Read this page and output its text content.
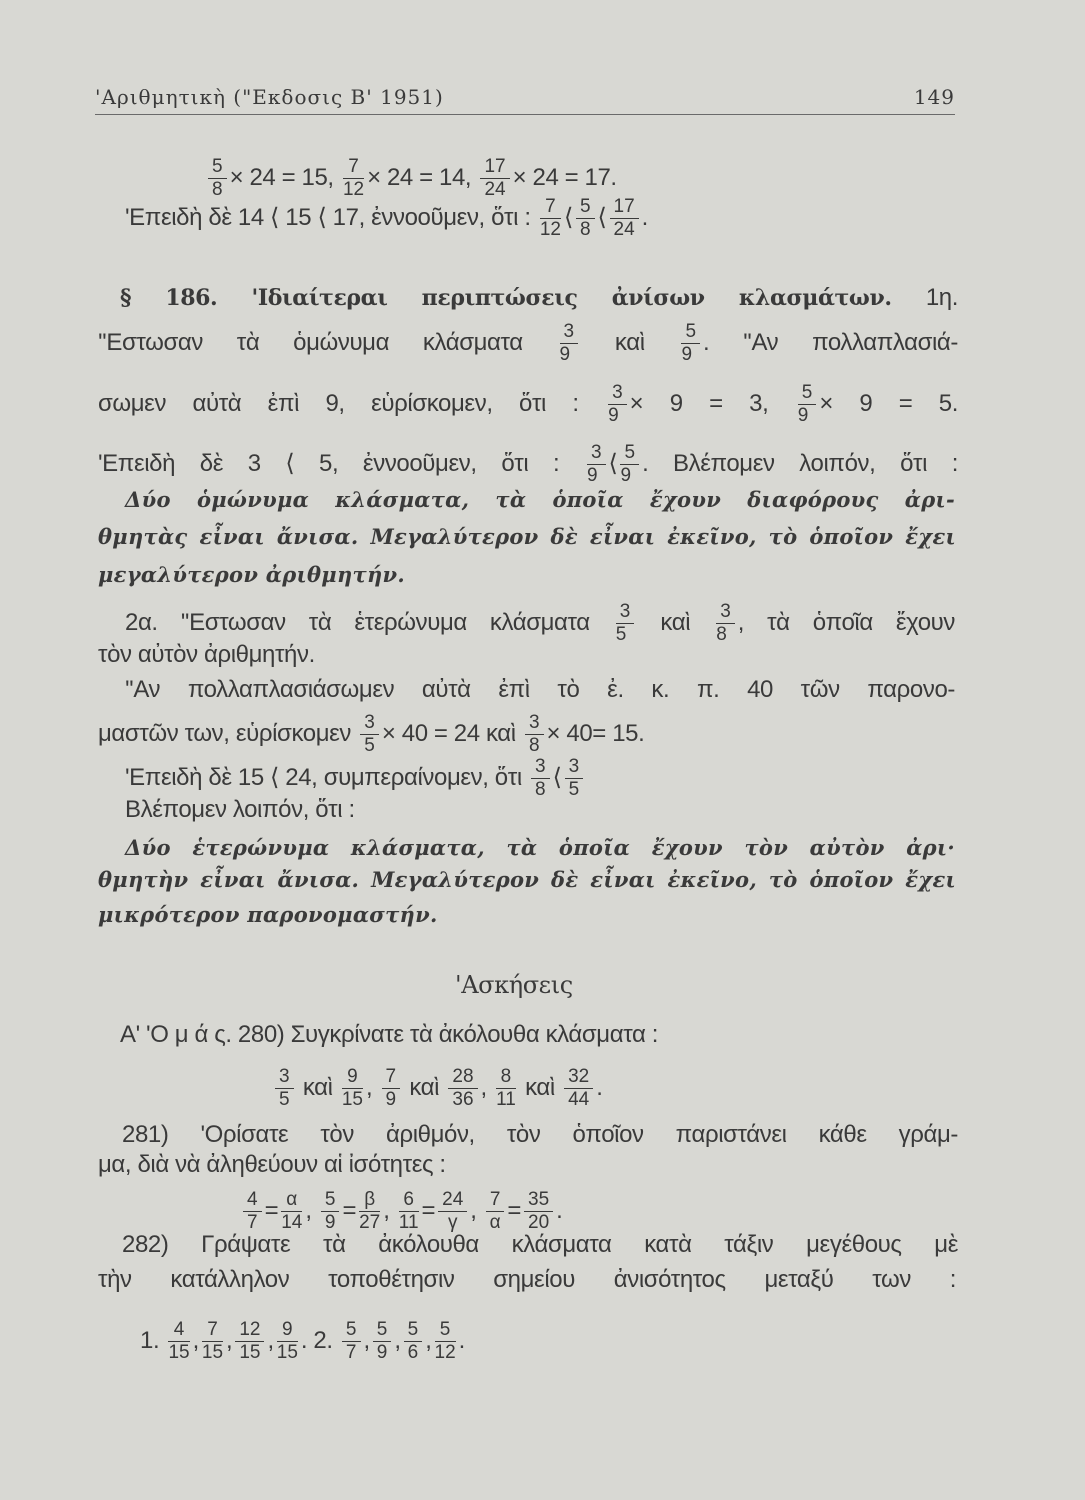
'Αριθμητικὴ ("Εκδοσις Β' 1951)	149
$\frac{5}{8} \times 24 = 15$, $\frac{7}{12} \times 24 = 14$, $\frac{17}{24} \times 24 = 17$.
'Επειδὴ δὲ 14 ⟨ 15 ⟨ 17, ἐννοοῦμεν, ὅτι : $\frac{7}{12}$ ⟨ $\frac{5}{8}$ ⟨ $\frac{17}{24}$ .
§ 186. 'Ιδιαίτεραι περιπτώσεις ἀνίσων κλασμάτων. 1η.
''Εστωσαν τὰ ὁμώνυμα κλάσματα $\frac{3}{9}$ καὶ $\frac{5}{9}$ . ''Αν πολλαπλασιά-
σωμεν αὐτὰ ἐπὶ 9, εὑρίσκομεν, ὅτι : $\frac{3}{9} \times 9 = 3$, $\frac{5}{9} \times 9 = 5$.
'Επειδὴ δὲ 3 ⟨ 5, ἐννοοῦμεν, ὅτι : $\frac{3}{9}$ ⟨ $\frac{5}{9}$ . Βλέπομεν λοιπόν, ὅτι :
Δύο ὁμώνυμα κλάσματα, τὰ ὁποῖα ἔχουν διαφόρους ἀρι-
θμητὰς εἶναι ἄνισα. Μεγαλύτερον δὲ εἶναι ἐκεῖνο, τὸ ὁποῖον ἔχει
μεγαλύτερον ἀριθμητήν.
2α. ''Εστωσαν τὰ ἑτερώνυμα κλάσματα $\frac{3}{5}$ καὶ $\frac{3}{8}$ , τὰ ὁποῖα ἔχουν
τὸν αὐτὸν ἀριθμητήν.
''Αν πολλαπλασιάσωμεν αὐτὰ ἐπὶ τὸ ἐ. κ. π. 40 τῶν παρονο-
μαστῶν των, εὑρίσκομεν $\frac{3}{5} \times 40 = 24$ καὶ $\frac{3}{8} \times 40= 15$.
'Επειδὴ δὲ 15 ⟨ 24, συμπεραίνομεν, ὅτι $\frac{3}{8}$ ⟨ $\frac{3}{5}$
Βλέπομεν λοιπόν, ὅτι :
Δύο ἑτερώνυμα κλάσματα, τὰ ὁποῖα ἔχουν τὸν αὐτὸν ἀρι·
θμητὴν εἶναι ἄνισα. Μεγαλύτερον δὲ εἶναι ἐκεῖνο, τὸ ὁποῖον ἔχει
μικρότερον παρονομαστήν.
'Ασκήσεις
Α' 'Ο μ ά ς. 280) Συγκρίνατε τὰ ἀκόλουθα κλάσματα :
$\frac{3}{5}$ καὶ $\frac{9}{15}$ , $\frac{7}{9}$ καὶ $\frac{28}{36}$ , $\frac{8}{11}$ καὶ $\frac{32}{44}$ .
281) 'Ορίσατε τὸν ἀριθμόν, τὸν ὁποῖον παριστάνει κάθε γράμ-
μα, διὰ νὰ ἀληθεύουν αἱ ἰσότητες :
$\frac{4}{7} = \frac{\alpha}{14}$ , $\frac{5}{9} = \frac{\beta}{27}$ , $\frac{6}{11} = \frac{24}{\gamma}$ , $\frac{7}{\alpha} = \frac{35}{20}$ .
282) Γράψατε τὰ ἀκόλουθα κλάσματα κατὰ τάξιν μεγέθους μὲ
τὴν κατάλληλον τοποθέτησιν σημείου ἀνισότητος μεταξύ των :
1. $\frac{4}{15}$ , $\frac{7}{15}$ , $\frac{12}{15}$ , $\frac{9}{15}$ . 2. $\frac{5}{7}$ , $\frac{5}{9}$ , $\frac{5}{6}$ , $\frac{5}{12}$ .
